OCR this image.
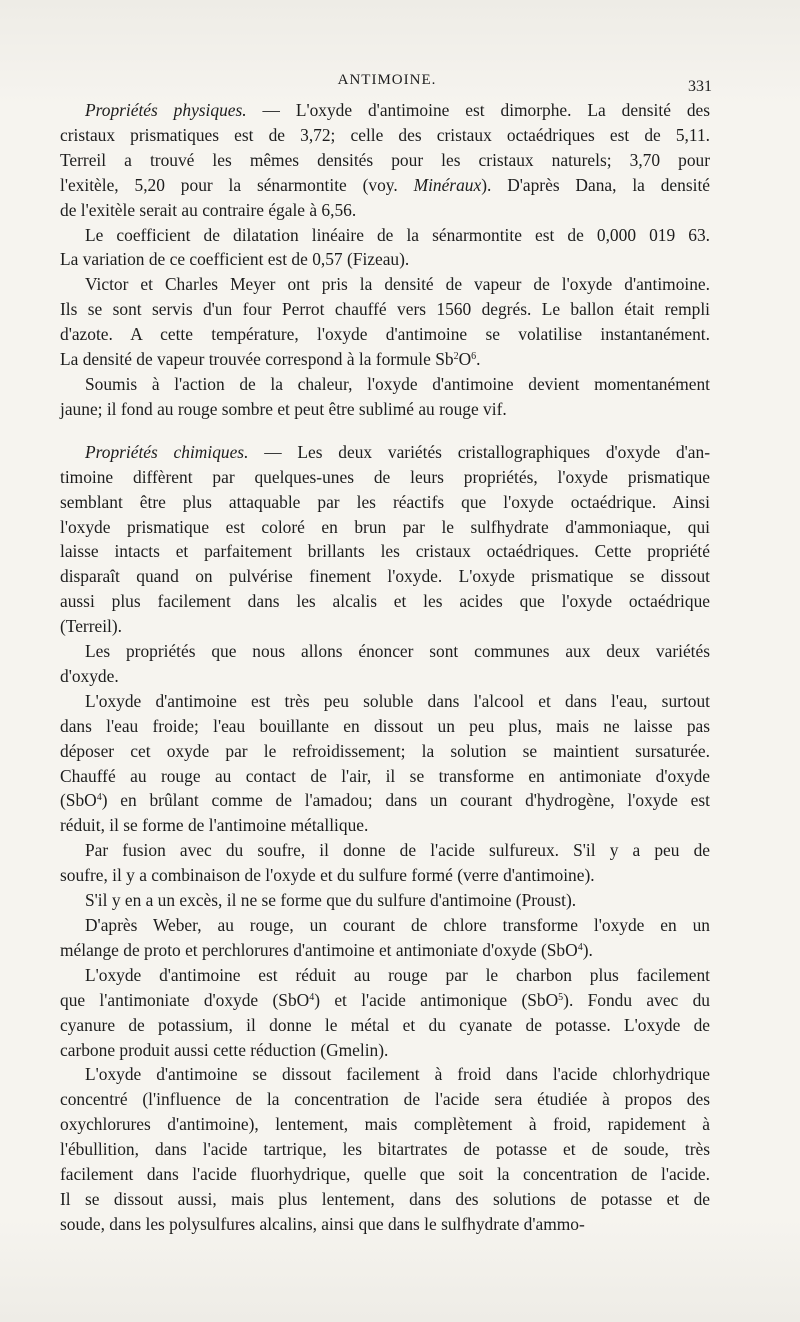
ANTIMOINE.	331
Propriétés physiques. — L'oxyde d'antimoine est dimorphe. La densité des
cristaux prismatiques est de 3,72; celle des cristaux octaédriques est de 5,11.
Terreil a trouvé les mêmes densités pour les cristaux naturels; 3,70 pour
l'exitèle, 5,20 pour la sénarmontite (voy. Minéraux). D'après Dana, la densité
de l'exitèle serait au contraire égale à 6,56.
Le coefficient de dilatation linéaire de la sénarmontite est de 0,000 019 63.
La variation de ce coefficient est de 0,57 (Fizeau).
Victor et Charles Meyer ont pris la densité de vapeur de l'oxyde d'antimoine.
Ils se sont servis d'un four Perrot chauffé vers 1560 degrés. Le ballon était rempli
d'azote. A cette température, l'oxyde d'antimoine se volatilise instantanément.
La densité de vapeur trouvée correspond à la formule $Sb^2O^6$.
Soumis à l'action de la chaleur, l'oxyde d'antimoine devient momentanément
jaune; il fond au rouge sombre et peut être sublimé au rouge vif.
Propriétés chimiques. — Les deux variétés cristallographiques d'oxyde d'an-
timoine diffèrent par quelques-unes de leurs propriétés, l'oxyde prismatique
semblant être plus attaquable par les réactifs que l'oxyde octaédrique. Ainsi
l'oxyde prismatique est coloré en brun par le sulfhydrate d'ammoniaque, qui
laisse intacts et parfaitement brillants les cristaux octaédriques. Cette propriété
disparaît quand on pulvérise finement l'oxyde. L'oxyde prismatique se dissout
aussi plus facilement dans les alcalis et les acides que l'oxyde octaédrique
(Terreil).
Les propriétés que nous allons énoncer sont communes aux deux variétés
d'oxyde.
L'oxyde d'antimoine est très peu soluble dans l'alcool et dans l'eau, surtout
dans l'eau froide; l'eau bouillante en dissout un peu plus, mais ne laisse pas
déposer cet oxyde par le refroidissement; la solution se maintient sursaturée.
Chauffé au rouge au contact de l'air, il se transforme en antimoniate d'oxyde
(SbO$^4$) en brûlant comme de l'amadou; dans un courant d'hydrogène, l'oxyde est
réduit, il se forme de l'antimoine métallique.
Par fusion avec du soufre, il donne de l'acide sulfureux. S'il y a peu de
soufre, il y a combinaison de l'oxyde et du sulfure formé (verre d'antimoine).
S'il y en a un excès, il ne se forme que du sulfure d'antimoine (Proust).
D'après Weber, au rouge, un courant de chlore transforme l'oxyde en un
mélange de proto et perchlorures d'antimoine et antimoniate d'oxyde (SbO$^4$).
L'oxyde d'antimoine est réduit au rouge par le charbon plus facilement
que l'antimoniate d'oxyde (SbO$^4$) et l'acide antimonique (SbO$^5$). Fondu avec du
cyanure de potassium, il donne le métal et du cyanate de potasse. L'oxyde de
carbone produit aussi cette réduction (Gmelin).
L'oxyde d'antimoine se dissout facilement à froid dans l'acide chlorhydrique
concentré (l'influence de la concentration de l'acide sera étudiée à propos des
oxychlorures d'antimoine), lentement, mais complètement à froid, rapidement à
l'ébullition, dans l'acide tartrique, les bitartrates de potasse et de soude, très
facilement dans l'acide fluorhydrique, quelle que soit la concentration de l'acide.
Il se dissout aussi, mais plus lentement, dans des solutions de potasse et de
soude, dans les polysulfures alcalins, ainsi que dans le sulfhydrate d'ammo-
